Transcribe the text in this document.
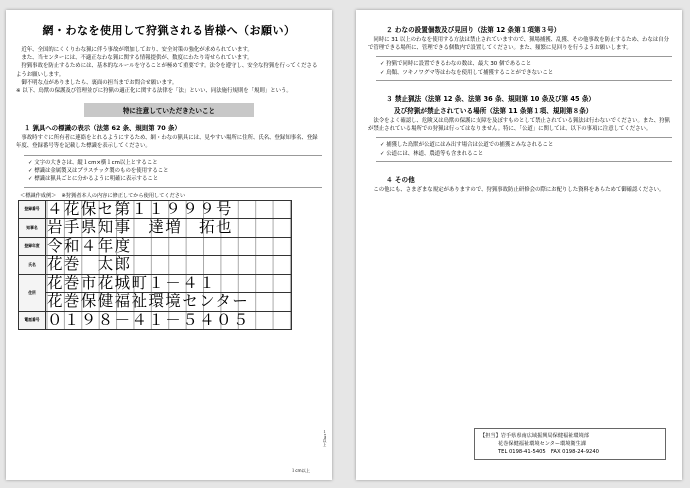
網・わなを使用して狩猟される皆様へ（お願い）

近年、全国的にくくりわな猟に伴う事故が増加しており、安全対策の強化が求められています。

また、当センターには、不適正なわな猟に関する情報提供が、数度にわたり寄せられています。

狩猟事故を防止するためには、基本的なルールを守ることが極めて重要です。法令を遵守し、安全な狩猟を行ってくださるようお願いします。

御不明な点がありましたら、裏面の担当までお問合せ願います。

※ 以下、鳥獣の保護及び管理並びに狩猟の適正化に関する法律を「法」といい、同法施行規則を「規則」という。

特に注意していただきたいこと
１ 猟具への標識の表示（法第 62 条、規則第 70 条）

事故時すぐに所有者に連絡をとれるようにするため、網・わなの猟具には、見やすい場所に住所、氏名、登録知事名、登録年度、登録番号等を記載した標識を表示してください。

✓ 文字の大きさは、縦１cm×横１cm以上とすること

✓ 標識は金属製又はプラスチック製のものを使用すること

✓ 標識は猟具ごとに分かるように明確に表示すること

＜標識作成例＞　※狩猟者本人の内容に修正してから使用してください
登録番号	４花保セ第１１９９９号
知事名	岩手県知事　達増　拓也
登録年度	令和４年度
氏名	花巻　太郎
住所	花巻市花城町１－４１
	花巻保健福祉環境センター
電話番号	０１９８－４１－５４０５
１cm以上
１cm以上
２ わなの設置個数及び見回り（法第 12 条第１項第３号）

同時に 31 以上のわなを使用する方法は禁止されていますので、猟場捕獲、乱獲、その他事故を防止するため、わなは自分で管理できる場所に、管理できる個数内で設置してください。また、頻繁に見回りを行うようお願いします。

✓ 狩猟で同時に設置できるわなの数は、最大 30 個であること

✓ 鳥類、ツキノワグマ等はわなを使用して捕獲することができないこと

３ 禁止猟法（法第 12 条、法第 36 条、規則第 10 条及び第 45 条）
及び狩猟が禁止されている場所（法第 11 条第１項、規則第８条）

法令をよく確認し、危険又は鳥獣の保護に支障を及ぼすものとして禁止されている猟法は行わないでください。また、狩猟が禁止されている場所での狩猟は行ってはなりません。特に、「公道」に関しては、以下の事項に注意してください。

✓ 捕獲した鳥獣が公道にはみ出す場合は公道での捕獲とみなされること

✓ 公道には、林道、農道等も含まれること

４ その他

この他にも、さまざまな規定がありますので、狩猟事故防止研修会の際にお配りした資料をあらためて御確認ください。

【担当】岩手県県南広域振興局保健福祉環境部
花巻保健福祉環境センター環境衛生課
TEL 0198-41-5405　FAX 0198-24-9240
